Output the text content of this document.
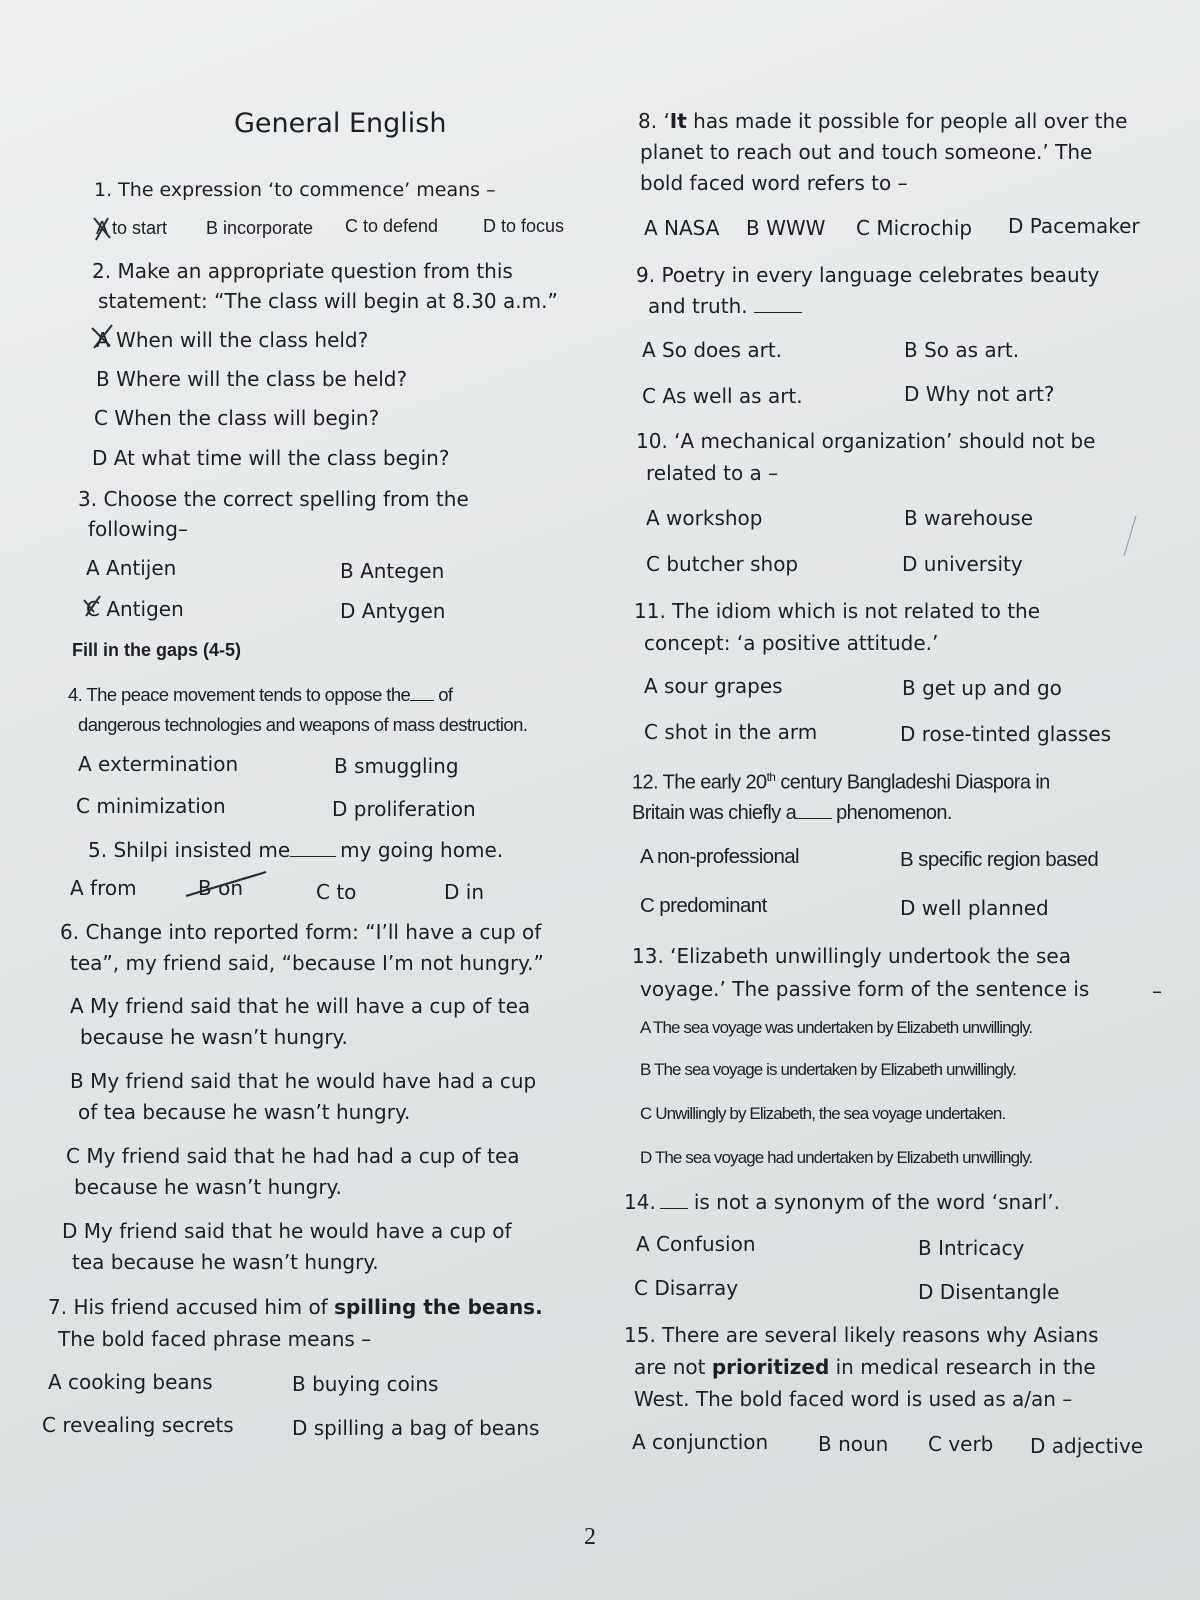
General English
1. The expression ‘to commence’ means –
A to start B incorporate C to defend D to focus
2. Make an appropriate question from this
statement: “The class will begin at 8.30 a.m.”
A When will the class held?
B Where will the class be held?
C When the class will begin?
D At what time will the class begin?
3. Choose the correct spelling from the
following–
A Antijen	B Antegen
C Antigen	D Antygen
Fill in the gaps (4-5)
4. The peace movement tends to oppose the of
dangerous technologies and weapons of mass destruction.
A extermination	B smuggling
C minimization	D proliferation
5. Shilpi insisted me	my going home.
A from	B on	C to	D in
6. Change into reported form: “I’ll have a cup of
tea”, my friend said, “because I’m not hungry.”
A My friend said that he will have a cup of tea
because he wasn’t hungry.
B My friend said that he would have had a cup
of tea because he wasn’t hungry.
C My friend said that he had had a cup of tea
because he wasn’t hungry.
D My friend said that he would have a cup of
tea because he wasn’t hungry.
7. His friend accused him of spilling the beans.
The bold faced phrase means –
A cooking beans	B buying coins
C revealing secrets	D spilling a bag of beans
8. ‘It has made it possible for people all over the
planet to reach out and touch someone.’ The
bold faced word refers to –
A NASA B WWW C Microchip D Pacemaker
9. Poetry in every language celebrates beauty
and truth.
A So does art.	B So as art.
C As well as art.	D Why not art?
10. ‘A mechanical organization’ should not be
related to a –
A workshop	B warehouse
C butcher shop	D university
11. The idiom which is not related to the
concept: ‘a positive attitude.’
A sour grapes	B get up and go
C shot in the arm	D rose-tinted glasses
12. The early 20th century Bangladeshi Diaspora in
Britain was chiefly a phenomenon.
A non-professional	B specific region based
C predominant	D well planned
13. ‘Elizabeth unwillingly undertook the sea
voyage.’ The passive form of the sentence is	–
A The sea voyage was undertaken by Elizabeth unwillingly.
B The sea voyage is undertaken by Elizabeth unwillingly.
C Unwillingly by Elizabeth, the sea voyage undertaken.
D The sea voyage had undertaken by Elizabeth unwillingly.
14. is not a synonym of the word ‘snarl’.
A Confusion	B Intricacy
C Disarray	D Disentangle
15. There are several likely reasons why Asians
are not prioritized in medical research in the
West. The bold faced word is used as a/an –
A conjunction B noun C verb D adjective
2
